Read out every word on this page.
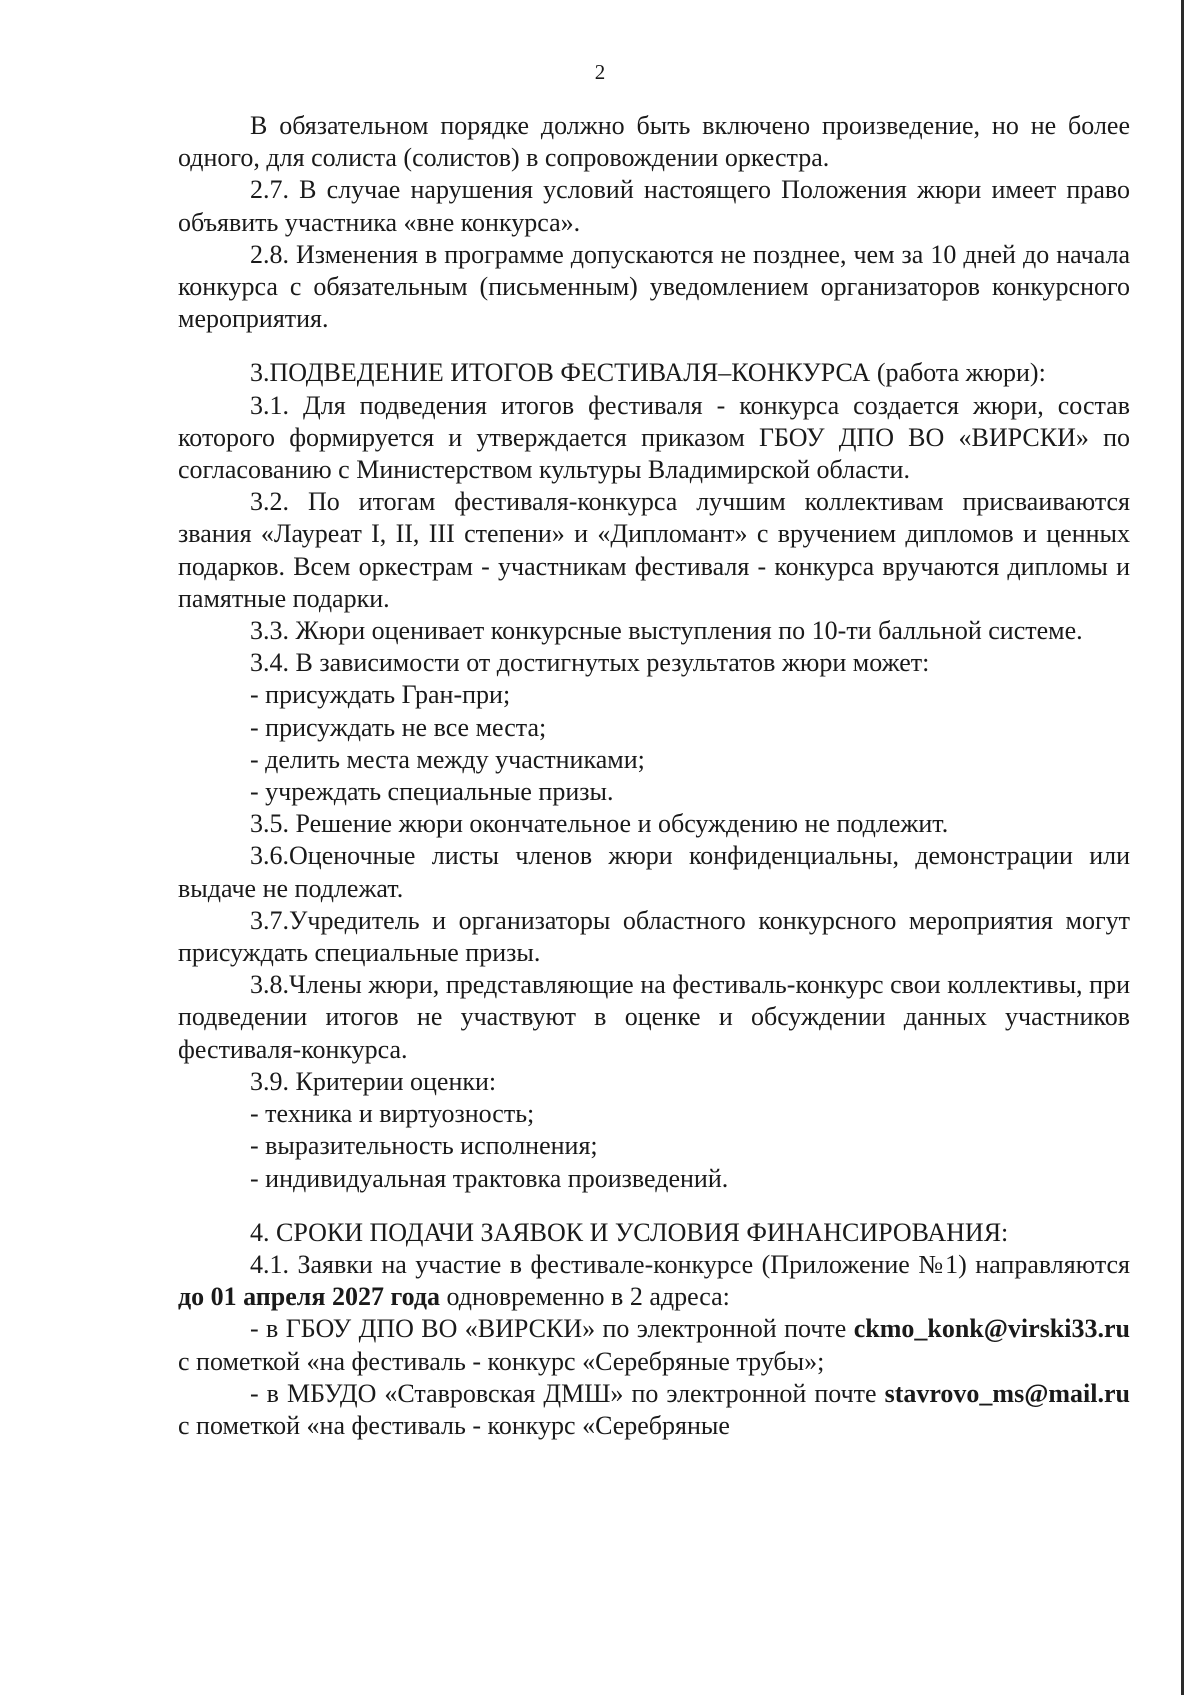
2

В обязательном порядке должно быть включено произведение, но не более одного, для солиста (солистов) в сопровождении оркестра.

2.7. В случае нарушения условий настоящего Положения жюри имеет право объявить участника «вне конкурса».

2.8. Изменения в программе допускаются не позднее, чем за 10 дней до начала конкурса с обязательным (письменным) уведомлением организаторов конкурсного мероприятия.

3.ПОДВЕДЕНИЕ ИТОГОВ ФЕСТИВАЛЯ–КОНКУРСА (работа жюри):

3.1. Для подведения итогов фестиваля - конкурса создается жюри, состав которого формируется и утверждается приказом ГБОУ ДПО ВО «ВИРСКИ» по согласованию с Министерством культуры Владимирской области.

3.2. По итогам фестиваля-конкурса лучшим коллективам присваиваются звания «Лауреат I, II, III степени» и «Дипломант» с вручением дипломов и ценных подарков. Всем оркестрам - участникам фестиваля - конкурса вручаются дипломы и памятные подарки.

3.3. Жюри оценивает конкурсные выступления по 10-ти балльной системе.

3.4. В зависимости от достигнутых результатов жюри может:

- присуждать Гран-при;

- присуждать не все места;

- делить места между участниками;

- учреждать специальные призы.

3.5. Решение жюри окончательное и обсуждению не подлежит.

3.6.Оценочные листы членов жюри конфиденциальны, демонстрации или выдаче не подлежат.

3.7.Учредитель и организаторы областного конкурсного мероприятия могут присуждать специальные призы.

3.8.Члены жюри, представляющие на фестиваль-конкурс свои коллективы, при подведении итогов не участвуют в оценке и обсуждении данных участников фестиваля-конкурса.

3.9. Критерии оценки:

- техника и виртуозность;

- выразительность исполнения;

- индивидуальная трактовка произведений.

4. СРОКИ ПОДАЧИ ЗАЯВОК И УСЛОВИЯ ФИНАНСИРОВАНИЯ:

4.1. Заявки на участие в фестивале-конкурсе (Приложение №1) направляются до 01 апреля 2027 года одновременно в 2 адреса:

- в ГБОУ ДПО ВО «ВИРСКИ» по электронной почте ckmo_konk@virski33.ru с пометкой «на фестиваль - конкурс «Серебряные трубы»;

- в МБУДО «Ставровская ДМШ» по электронной почте stavrovo_ms@mail.ru с пометкой «на фестиваль - конкурс «Серебряные
